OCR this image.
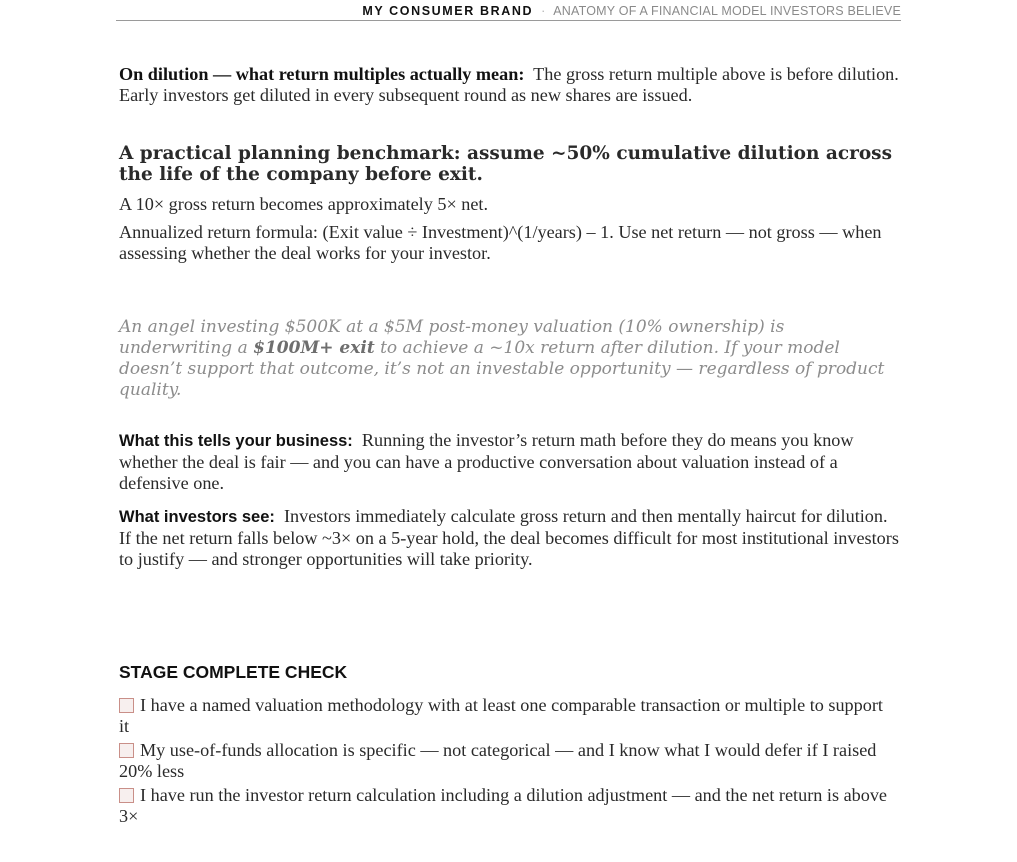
MY CONSUMER BRAND · ANATOMY OF A FINANCIAL MODEL INVESTORS BELIEVE

On dilution — what return multiples actually mean: The gross return multiple above is before dilution. Early investors get diluted in every subsequent round as new shares are issued.

A practical planning benchmark: assume ~50% cumulative dilution across the life of the company before exit.

A 10× gross return becomes approximately 5× net.

Annualized return formula: (Exit value ÷ Investment)^(1/years) – 1. Use net return — not gross — when assessing whether the deal works for your investor.

An angel investing $500K at a $5M post-money valuation (10% ownership) is underwriting a $100M+ exit to achieve a ~10x return after dilution. If your model doesn’t support that outcome, it’s not an investable opportunity — regardless of product quality.

What this tells your business: Running the investor’s return math before they do means you know whether the deal is fair — and you can have a productive conversation about valuation instead of a defensive one.

What investors see: Investors immediately calculate gross return and then mentally haircut for dilution. If the net return falls below ~3× on a 5-year hold, the deal becomes difficult for most institutional investors to justify — and stronger opportunities will take priority.

STAGE COMPLETE CHECK

I have a named valuation methodology with at least one comparable transaction or multiple to support it

My use-of-funds allocation is specific — not categorical — and I know what I would defer if I raised 20% less

I have run the investor return calculation including a dilution adjustment — and the net return is above 3×
